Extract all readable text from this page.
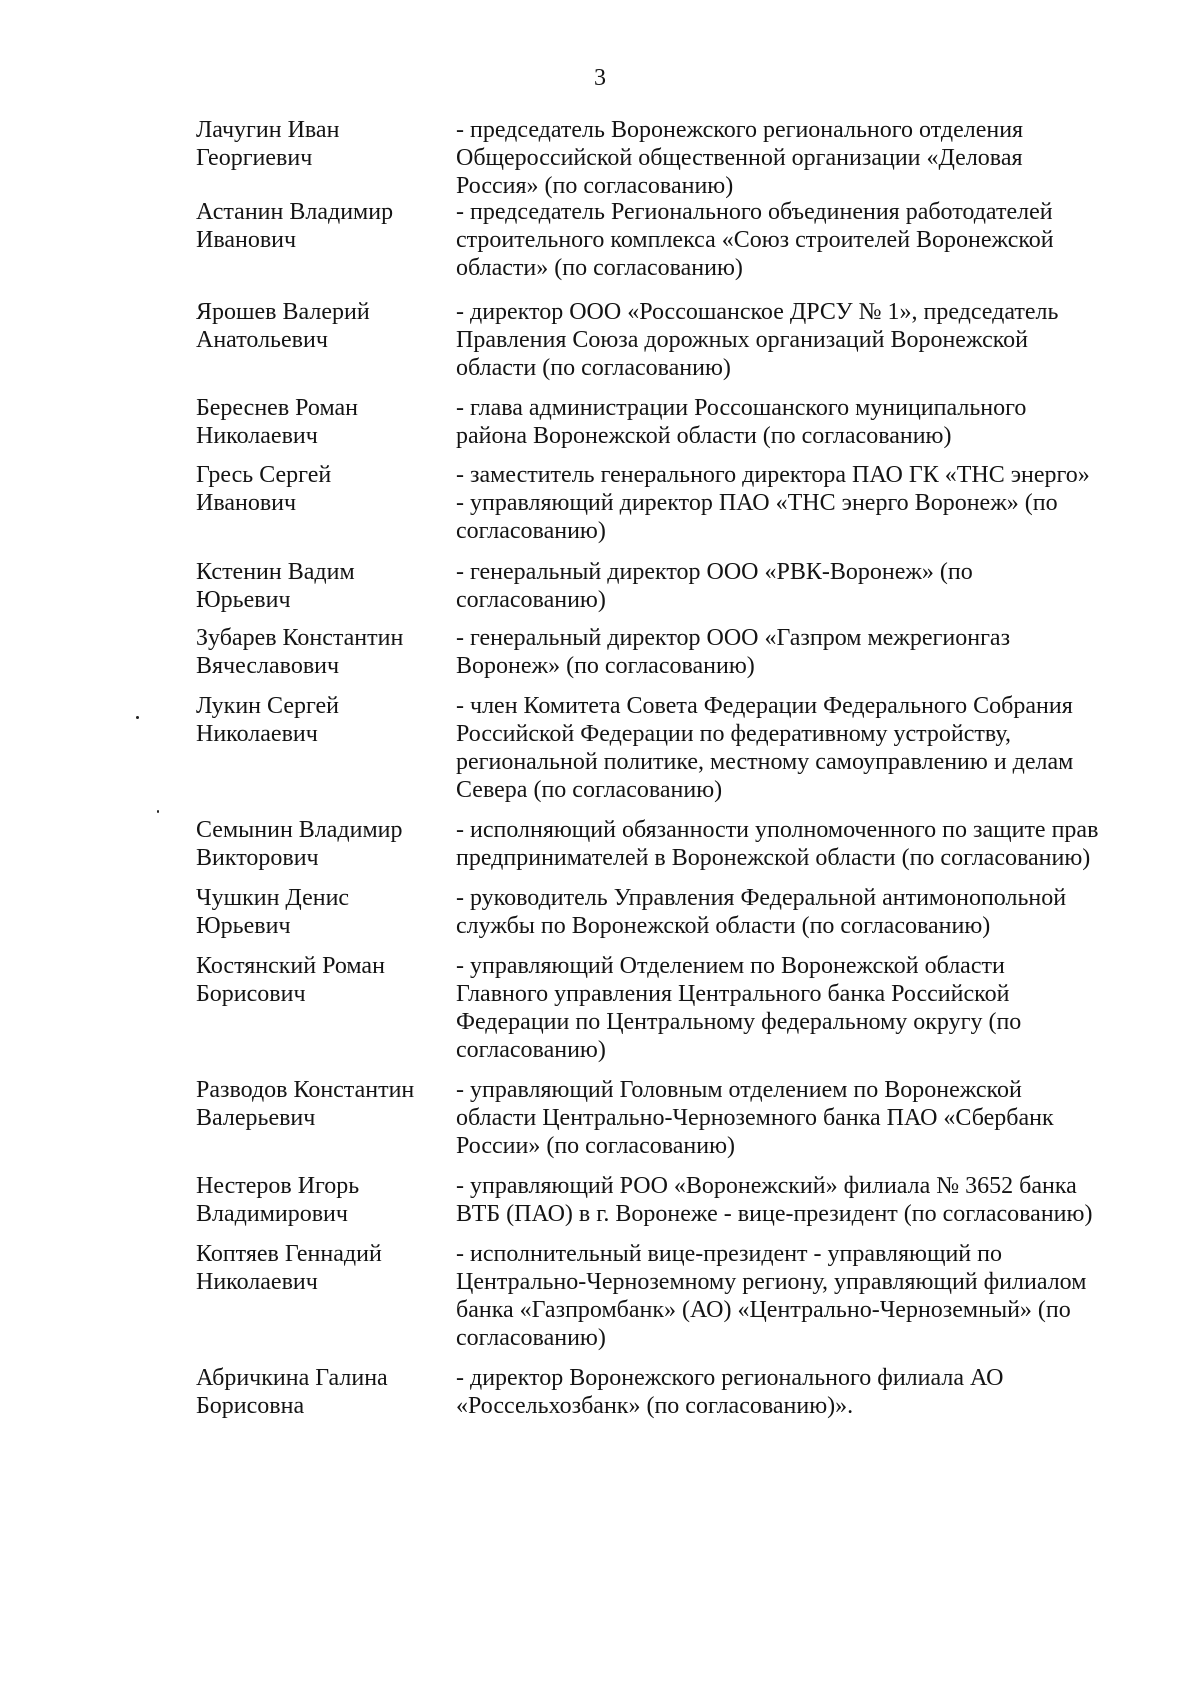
3
Лачугин Иван
Георгиевич
- председатель Воронежского регионального отделения
Общероссийской общественной организации «Деловая
Россия» (по согласованию)
Астанин Владимир
Иванович
- председатель Регионального объединения работодателей
строительного комплекса «Союз строителей Воронежской
области» (по согласованию)
Ярошев Валерий
Анатольевич
- директор ООО «Россошанское ДРСУ № 1», председатель
Правления Союза дорожных организаций Воронежской
области (по согласованию)
Береснев Роман
Николаевич
- глава администрации Россошанского муниципального
района Воронежской области (по согласованию)
Гресь Сергей
Иванович
- заместитель генерального директора ПАО ГК «ТНС энерго»
- управляющий директор ПАО «ТНС энерго Воронеж» (по
согласованию)
Кстенин Вадим
Юрьевич
- генеральный директор ООО «РВК-Воронеж» (по
согласованию)
Зубарев Константин
Вячеславович
- генеральный директор ООО «Газпром межрегионгаз
Воронеж» (по согласованию)
Лукин Сергей
Николаевич
- член Комитета Совета Федерации Федерального Собрания
Российской Федерации по федеративному устройству,
региональной политике, местному самоуправлению и делам
Севера (по согласованию)
Семынин Владимир
Викторович
- исполняющий обязанности уполномоченного по защите прав
предпринимателей в Воронежской области (по согласованию)
Чушкин Денис
Юрьевич
- руководитель Управления Федеральной антимонопольной
службы по Воронежской области (по согласованию)
Костянский Роман
Борисович
- управляющий Отделением по Воронежской области
Главного управления Центрального банка Российской
Федерации по Центральному федеральному округу (по
согласованию)
Разводов Константин
Валерьевич
- управляющий Головным отделением по Воронежской
области Центрально-Черноземного банка ПАО «Сбербанк
России» (по согласованию)
Нестеров Игорь
Владимирович
- управляющий РОО «Воронежский» филиала № 3652 банка
ВТБ (ПАО) в г. Воронеже - вице-президент (по согласованию)
Коптяев Геннадий
Николаевич
- исполнительный вице-президент - управляющий по
Центрально-Черноземному региону, управляющий филиалом
банка «Газпромбанк» (АО) «Центрально-Черноземный» (по
согласованию)
Абричкина Галина
Борисовна
- директор Воронежского регионального филиала АО
«Россельхозбанк» (по согласованию)».
